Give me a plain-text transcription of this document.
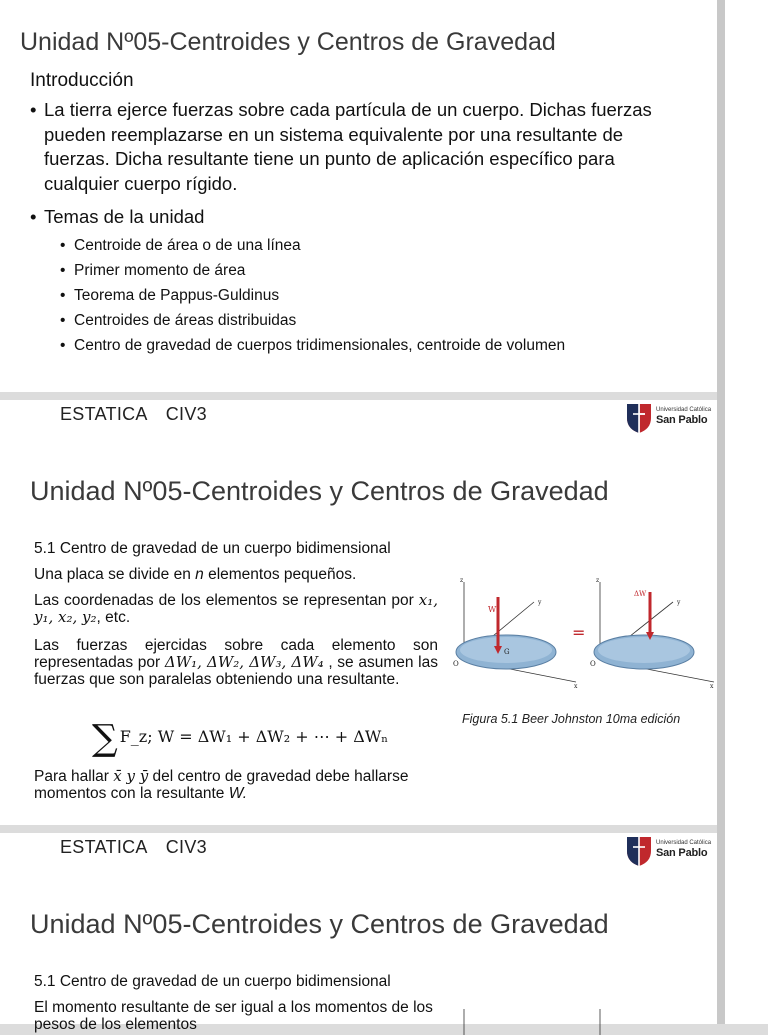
Unidad Nº05-Centroides y Centros de Gravedad
Introducción
• La tierra ejerce fuerzas sobre cada partícula de un cuerpo. Dichas fuerzas pueden reemplazarse en un sistema equivalente por una resultante de fuerzas. Dicha resultante tiene un punto de aplicación específico para cualquier cuerpo rígido.
• Temas de la unidad
• Centroide de área o de una línea
• Primer momento de área
• Teorema de Pappus-Guldinus
• Centroides de áreas distribuidas
• Centro de gravedad de cuerpos tridimensionales, centroide de volumen
ESTATICA CIV3	Universidad Católica
San Pablo
Unidad Nº05-Centroides y Centros de Gravedad
5.1 Centro de gravedad de un cuerpo bidimensional
Una placa se divide en n elementos pequeños.
Las coordenadas de los elementos se representan por x₁, y₁, x₂, y₂, etc.
Las fuerzas ejercidas sobre cada elemento son representadas por ΔW₁, ΔW₂, ΔW₃, ΔW₄ , se asumen las fuerzas que son paralelas obteniendo una resultante.
∑ F_z; W = ΔW₁ + ΔW₂ + ⋯ + ΔWₙ
Para hallar x̄ y ȳ del centro de gravedad debe hallarse momentos con la resultante W.
W
G
O
z
y
x
=
ΔW
O
z
y
x
Figura 5.1 Beer Johnston 10ma edición
ESTATICA CIV3	Universidad Católica
San Pablo
Unidad Nº05-Centroides y Centros de Gravedad
5.1 Centro de gravedad de un cuerpo bidimensional
El momento resultante de ser igual a los momentos de los pesos de los elementos
